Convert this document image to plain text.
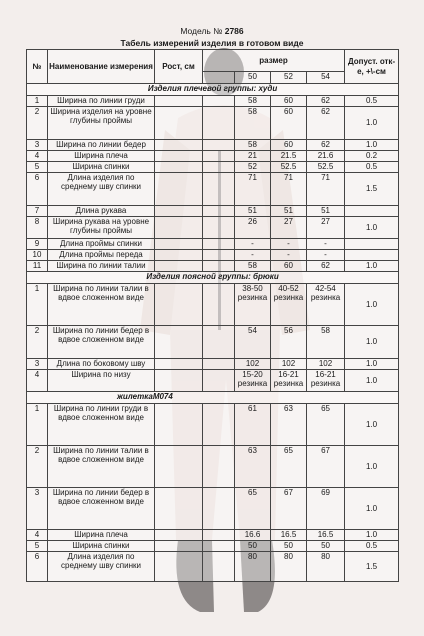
Модель № 2786
Табель измерений изделия в готовом виде
№	Наименование измерения	Рост, см	размер				Допуст. отк-е, +\-см
				50	52	54	
Изделия плечевой группы: худи							
1	Ширина по линии груди			58	60	62	0.5
2	Ширина изделия на уровне глубины проймы			58	60	62	1.0
3	Ширина по линии бедер			58	60	62	1.0
4	Ширина плеча			21	21.5	21.6	0.2
5	Ширина спинки			52	52.5	52.5	0.5
6	Длина изделия по среднему шву спинки			71	71	71	1.5
7	Длина рукава			51	51	51	
8	Ширина рукава на уровне глубины проймы			26	27	27	1.0
9	Длина проймы спинки			-	-	-	
10	Длина проймы переда			-	-	-	
11	Ширина по линии талии			58	60	62	1.0
Изделия поясной группы: брюки							
1	Ширина по линии талии в вдвое сложенном виде			38-50 резинка	40-52 резинка	42-54 резинка	1.0
2	Ширина по линии бедер в вдвое сложенном виде			54	56	58	1.0
3	Длина по боковому шву			102	102	102	1.0
4	Ширина по низу			15-20 резинка	16-21 резинка	16-21 резинка	1.0
жилеткаМ074							
1	Ширина по линии груди в вдвое сложенном виде			61	63	65	1.0
2	Ширина по линии талии в вдвое сложенном виде			63	65	67	1.0
3	Ширина по линии бедер в вдвое сложенном виде			65	67	69	1.0
4	Ширина плеча			16.6	16.5	16.5	1.0
5	Ширина спинки			50	50	50	0.5
6	Длина изделия по среднему шву спинки			80	80	80	1.5
